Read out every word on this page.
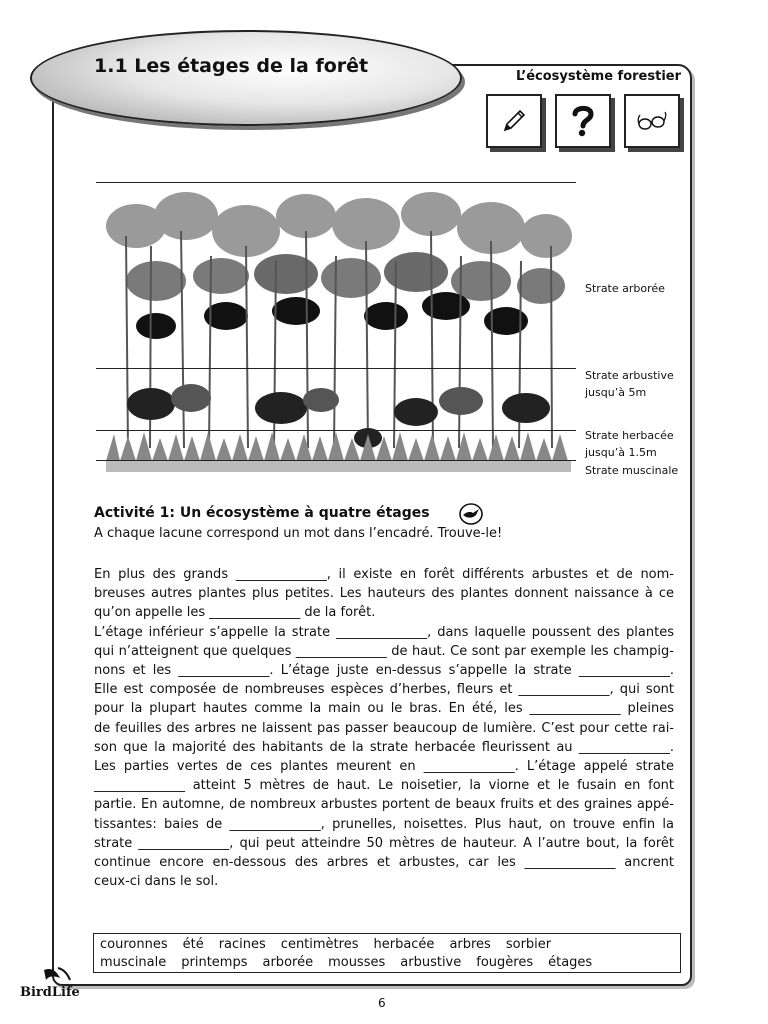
1.1 Les étages de la forêt	L’écosystème forestier
Strate arborée
Strate arbustive
jusqu’à 5m
Strate herbacée
jusqu’à 1.5m
Strate muscinale
Activité 1: Un écosystème à quatre étages
A chaque lacune correspond un mot dans l’encadré. Trouve-le!

En plus des grands ______________, il existe en forêt différents arbustes et de nom-

breuses autres plantes plus petites. Les hauteurs des plantes donnent naissance à ce

qu’on appelle les ______________ de la forêt.

L’étage inférieur s’appelle la strate ______________, dans laquelle poussent des plantes

qui n’atteignent que quelques ______________ de haut. Ce sont par exemple les champig-

nons et les ______________. L’étage juste en-dessus s’appelle la strate ______________.

Elle est composée de nombreuses espèces d’herbes, fleurs et ______________, qui sont

pour la plupart hautes comme la main ou le bras. En été, les ______________ pleines

de feuilles des arbres ne laissent pas passer beaucoup de lumière. C’est pour cette rai-

son que la majorité des habitants de la strate herbacée fleurissent au ______________.

Les parties vertes de ces plantes meurent en ______________. L’étage appelé strate

______________ atteint 5 mètres de haut. Le noisetier, la viorne et le fusain en font

partie. En automne, de nombreux arbustes portent de beaux fruits et des graines appé-

tissantes: baies de ______________, prunelles, noisettes. Plus haut, on trouve enfin la

strate ______________, qui peut atteindre 50 mètres de hauteur. A l’autre bout, la forêt

continue encore en-dessous des arbres et arbustes, car les ______________ ancrent

ceux-ci dans le sol.

couronnes été racines centimètres herbacée arbres sorbier
muscinale printemps arborée mousses arbustive fougères étages
BirdLife
6
